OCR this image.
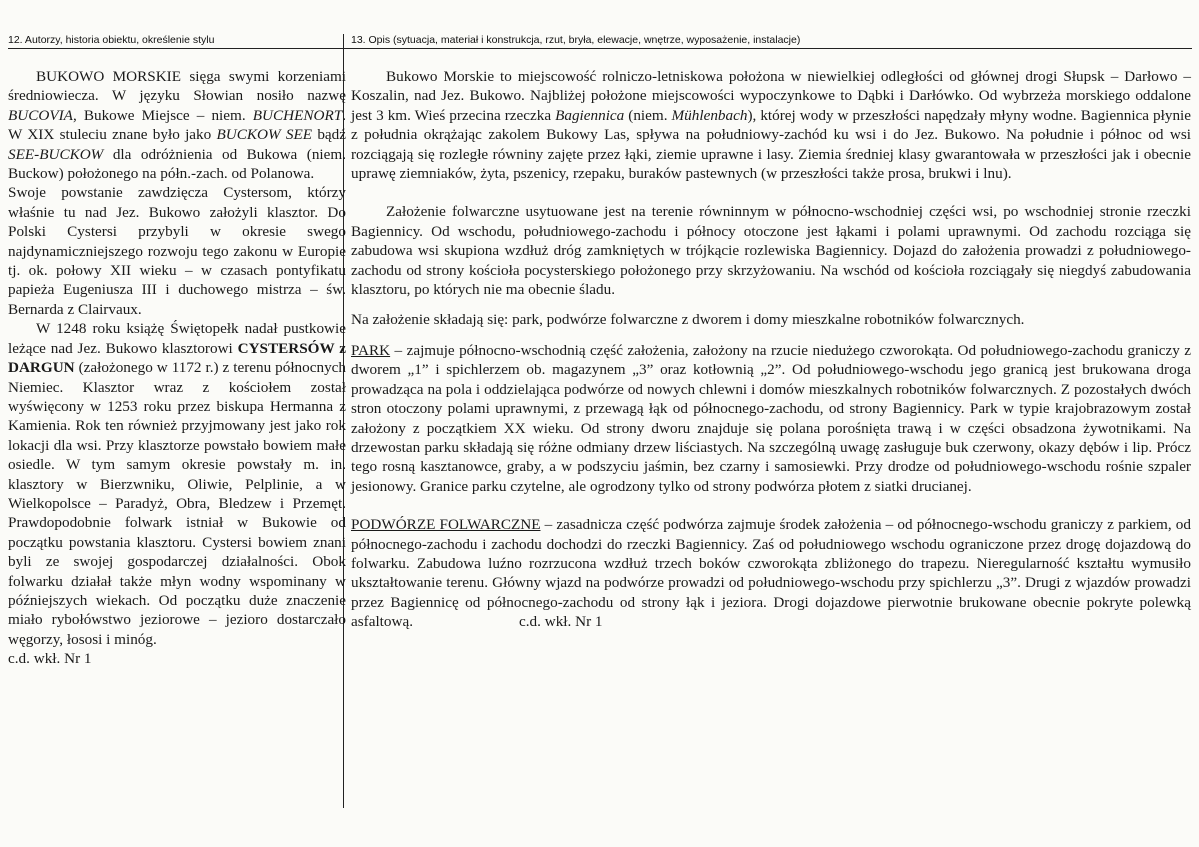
12. Autorzy, historia obiektu, określenie stylu	13. Opis (sytuacja, materiał i konstrukcja, rzut, bryła, elewacje, wnętrze, wyposażenie, instalacje)

BUKOWO MORSKIE sięga swymi korzeniami średniowiecza. W języku Słowian nosiło nazwę BUCOVIA, Bukowe Miejsce – niem. BUCHENORT. W XIX stuleciu znane było jako BUCKOW SEE bądź SEE-BUCKOW dla odróżnienia od Bukowa (niem. Buckow) położonego na półn.-zach. od Polanowa.

Swoje powstanie zawdzięcza Cystersom, którzy właśnie tu nad Jez. Bukowo założyli klasztor. Do Polski Cystersi przybyli w okresie swego najdynamiczniejszego rozwoju tego zakonu w Europie tj. ok. połowy XII wieku – w czasach pontyfikatu papieża Eugeniusza III i duchowego mistrza – św. Bernarda z Clairvaux.

W 1248 roku książę Świętopełk nadał pustkowie leżące nad Jez. Bukowo klasztorowi CYSTERSÓW z DARGUN (założonego w 1172 r.) z terenu północnych Niemiec. Klasztor wraz z kościołem został wyświęcony w 1253 roku przez biskupa Hermanna z Kamienia. Rok ten również przyjmowany jest jako rok lokacji dla wsi. Przy klasztorze powstało bowiem małe osiedle. W tym samym okresie powstały m. in. klasztory w Bierzwniku, Oliwie, Pelplinie, a w Wielkopolsce – Paradyż, Obra, Bledzew i Przemęt. Prawdopodobnie folwark istniał w Bukowie od początku powstania klasztoru. Cystersi bowiem znani byli ze swojej gospodarczej działalności. Obok folwarku działał także młyn wodny wspominany w późniejszych wiekach. Od początku duże znaczenie miało rybołówstwo jeziorowe – jezioro dostarczało węgorzy, łososi i minóg.

c.d. wkł. Nr 1

Bukowo Morskie to miejscowość rolniczo-letniskowa położona w niewielkiej odległości od głównej drogi Słupsk – Darłowo – Koszalin, nad Jez. Bukowo. Najbliżej położone miejscowości wypoczynkowe to Dąbki i Darłówko. Od wybrzeża morskiego oddalone jest 3 km. Wieś przecina rzeczka Bagiennica (niem. Mühlenbach), której wody w przeszłości napędzały młyny wodne. Bagiennica płynie z południa okrążając zakolem Bukowy Las, spływa na południowy-zachód ku wsi i do Jez. Bukowo. Na południe i północ od wsi rozciągają się rozległe równiny zajęte przez łąki, ziemie uprawne i lasy. Ziemia średniej klasy gwarantowała w przeszłości jak i obecnie uprawę ziemniaków, żyta, pszenicy, rzepaku, buraków pastewnych (w przeszłości także prosa, brukwi i lnu).

Założenie folwarczne usytuowane jest na terenie równinnym w północno-wschodniej części wsi, po wschodniej stronie rzeczki Bagiennicy. Od wschodu, południowego-zachodu i północy otoczone jest łąkami i polami uprawnymi. Od zachodu rozciąga się zabudowa wsi skupiona wzdłuż dróg zamkniętych w trójkącie rozlewiska Bagiennicy. Dojazd do założenia prowadzi z południowego-zachodu od strony kościoła pocysterskiego położonego przy skrzyżowaniu. Na wschód od kościoła rozciągały się niegdyś zabudowania klasztoru, po których nie ma obecnie śladu.

Na założenie składają się: park, podwórze folwarczne z dworem i domy mieszkalne robotników folwarcznych.

PARK – zajmuje północno-wschodnią część założenia, założony na rzucie niedużego czworokąta. Od południowego-zachodu graniczy z dworem „1” i spichlerzem ob. magazynem „3” oraz kotłownią „2”. Od południowego-wschodu jego granicą jest brukowana droga prowadząca na pola i oddzielająca podwórze od nowych chlewni i domów mieszkalnych robotników folwarcznych. Z pozostałych dwóch stron otoczony polami uprawnymi, z przewagą łąk od północnego-zachodu, od strony Bagiennicy. Park w typie krajobrazowym został założony z początkiem XX wieku. Od strony dworu znajduje się polana porośnięta trawą i w części obsadzona żywotnikami. Na drzewostan parku składają się różne odmiany drzew liściastych. Na szczególną uwagę zasługuje buk czerwony, okazy dębów i lip. Prócz tego rosną kasztanowce, graby, a w podszyciu jaśmin, bez czarny i samosiewki. Przy drodze od południowego-wschodu rośnie szpaler jesionowy. Granice parku czytelne, ale ogrodzony tylko od strony podwórza płotem z siatki drucianej.

PODWÓRZE FOLWARCZNE – zasadnicza część podwórza zajmuje środek założenia – od północnego-wschodu graniczy z parkiem, od północnego-zachodu i zachodu dochodzi do rzeczki Bagiennicy. Zaś od południowego wschodu ograniczone przez drogę dojazdową do folwarku. Zabudowa luźno rozrzucona wzdłuż trzech boków czworokąta zbliżonego do trapezu. Nieregularność kształtu wymusiło ukształtowanie terenu. Główny wjazd na podwórze prowadzi od południowego-wschodu przy spichlerzu „3”. Drugi z wjazdów prowadzi przez Bagiennicę od północnego-zachodu od strony łąk i jeziora. Drogi dojazdowe pierwotnie brukowane obecnie pokryte polewką asfaltową.	c.d. wkł. Nr 1
